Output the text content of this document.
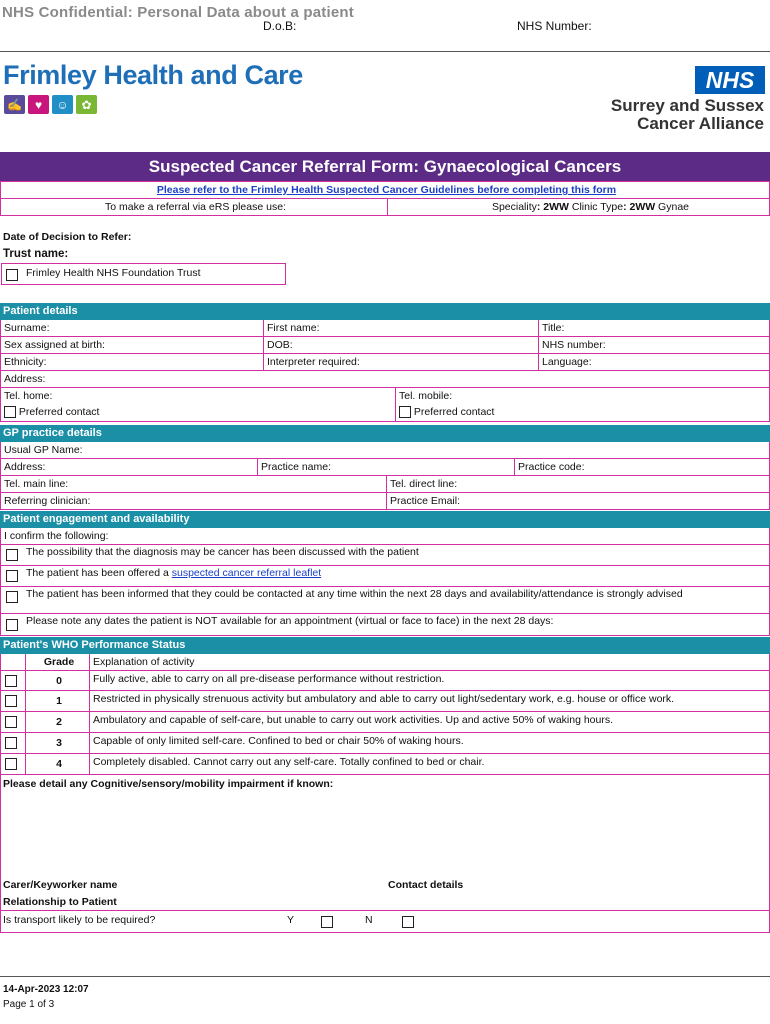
NHS Confidential: Personal Data about a patient
D.o.B:	NHS Number:
Frimley Health and Care
✍	♥	☺	✿
NHS
Surrey and Sussex
Cancer Alliance
Suspected Cancer Referral Form: Gynaecological Cancers
Please refer to the Frimley Health Suspected Cancer Guidelines before completing this form
To make a referral via eRS please use:	Speciality: 2WW Clinic Type: 2WW Gynae
Date of Decision to Refer:
Trust name:
Frimley Health NHS Foundation Trust
Patient details
Surname:	First name:	Title:
Sex assigned at birth:	DOB:	NHS number:
Ethnicity:	Interpreter required:	Language:
Address:
Tel. home:
Preferred contact
Tel. mobile:
Preferred contact
GP practice details
Usual GP Name:
Address:	Practice name:	Practice code:
Tel. main line:	Tel. direct line:
Referring clinician:	Practice Email:
Patient engagement and availability
I confirm the following:
The possibility that the diagnosis may be cancer has been discussed with the patient
The patient has been offered a suspected cancer referral leaflet
The patient has been informed that they could be contacted at any time within the next 28 days and availability/attendance is strongly advised
Please note any dates the patient is NOT available for an appointment (virtual or face to face) in the next 28 days:
Patient's WHO Performance Status
Grade	Explanation of activity
0	Fully active, able to carry on all pre-disease performance without restriction.
1	Restricted in physically strenuous activity but ambulatory and able to carry out light/sedentary work, e.g. house or office work.
2	Ambulatory and capable of self-care, but unable to carry out work activities. Up and active 50% of waking hours.
3	Capable of only limited self-care. Confined to bed or chair 50% of waking hours.
4	Completely disabled. Cannot carry out any self-care. Totally confined to bed or chair.
Please detail any Cognitive/sensory/mobility impairment if known:
Carer/Keyworker name	Contact details
Relationship to Patient
Is transport likely to be required?	Y	N
14-Apr-2023 12:07
Page 1 of 3
